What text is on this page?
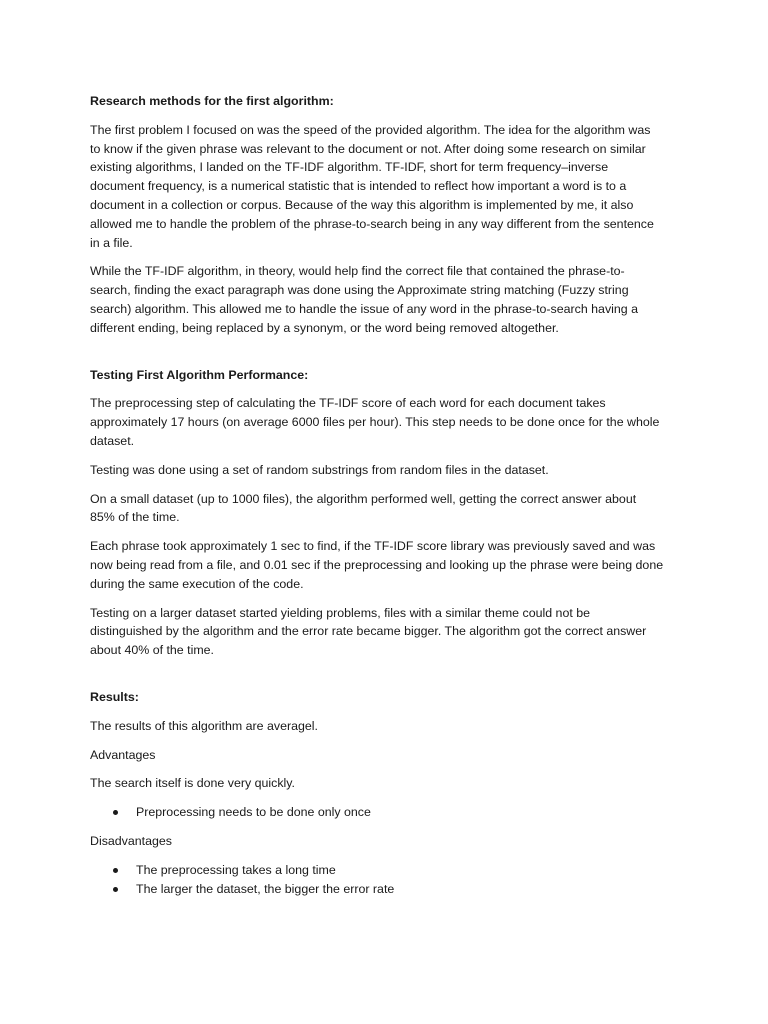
Research methods for the first algorithm:

The first problem I focused on was the speed of the provided algorithm. The idea for the algorithm was
to know if the given phrase was relevant to the document or not. After doing some research on similar
existing algorithms, I landed on the TF-IDF algorithm. TF-IDF, short for term frequency–inverse
document frequency, is a numerical statistic that is intended to reflect how important a word is to a
document in a collection or corpus. Because of the way this algorithm is implemented by me, it also
allowed me to handle the problem of the phrase-to-search being in any way different from the sentence
in a file.

While the TF-IDF algorithm, in theory, would help find the correct file that contained the phrase-to-
search, finding the exact paragraph was done using the Approximate string matching (Fuzzy string
search) algorithm. This allowed me to handle the issue of any word in the phrase-to-search having a
different ending, being replaced by a synonym, or the word being removed altogether.

Testing First Algorithm Performance:

The preprocessing step of calculating the TF-IDF score of each word for each document takes
approximately 17 hours (on average 6000 files per hour). This step needs to be done once for the whole
dataset.

Testing was done using a set of random substrings from random files in the dataset.

On a small dataset (up to 1000 files), the algorithm performed well, getting the correct answer about
85% of the time.

Each phrase took approximately 1 sec to find, if the TF-IDF score library was previously saved and was
now being read from a file, and 0.01 sec if the preprocessing and looking up the phrase were being done
during the same execution of the code.

Testing on a larger dataset started yielding problems, files with a similar theme could not be
distinguished by the algorithm and the error rate became bigger. The algorithm got the correct answer
about 40% of the time.

Results:

The results of this algorithm are averagel.

Advantages

The search itself is done very quickly.

Preprocessing needs to be done only once

Disadvantages

The preprocessing takes a long time
The larger the dataset, the bigger the error rate
